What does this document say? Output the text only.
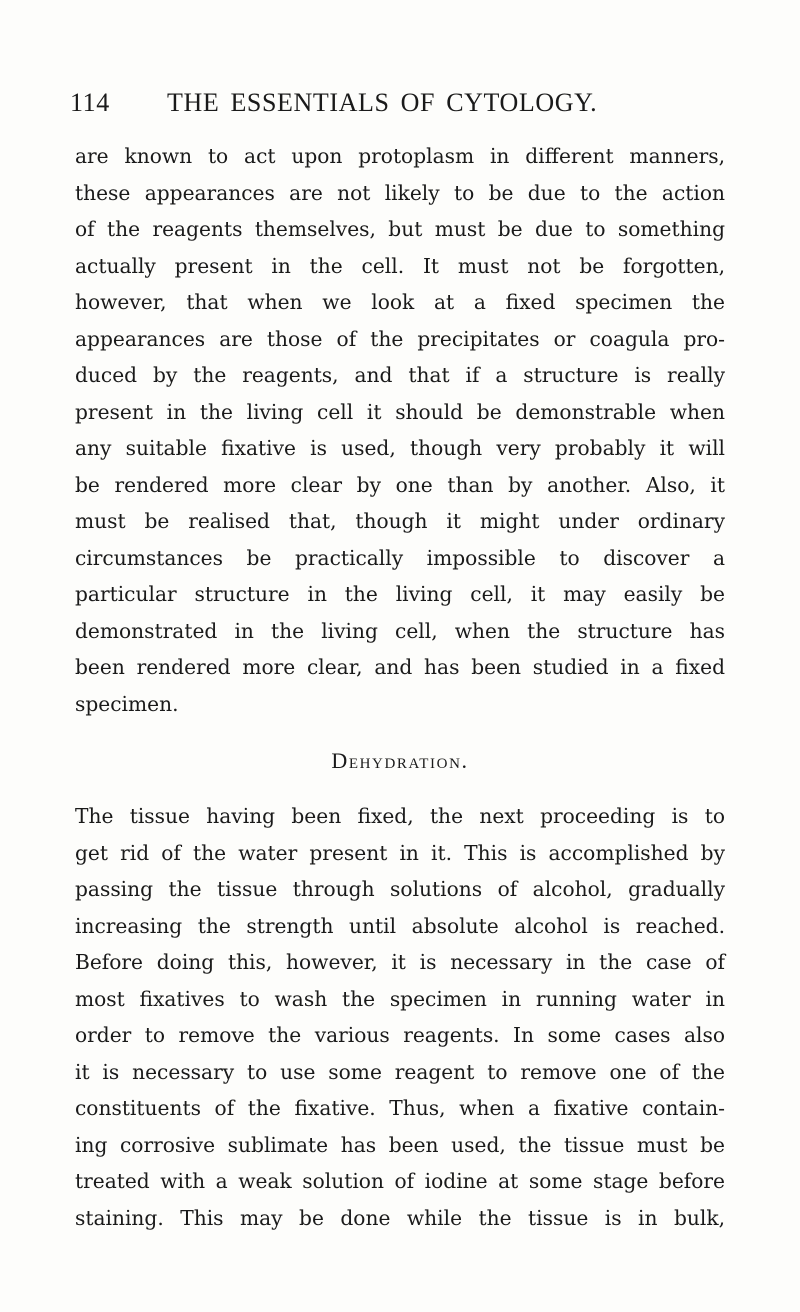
114 THE ESSENTIALS OF CYTOLOGY.
are known to act upon protoplasm in different manners,
these appearances are not likely to be due to the action
of the reagents themselves, but must be due to something
actually present in the cell. It must not be forgotten,
however, that when we look at a fixed specimen the
appearances are those of the precipitates or coagula pro-
duced by the reagents, and that if a structure is really
present in the living cell it should be demonstrable when
any suitable fixative is used, though very probably it will
be rendered more clear by one than by another. Also, it
must be realised that, though it might under ordinary
circumstances be practically impossible to discover a
particular structure in the living cell, it may easily be
demonstrated in the living cell, when the structure has
been rendered more clear, and has been studied in a fixed
specimen.
Dehydration.
The tissue having been fixed, the next proceeding is to
get rid of the water present in it. This is accomplished by
passing the tissue through solutions of alcohol, gradually
increasing the strength until absolute alcohol is reached.
Before doing this, however, it is necessary in the case of
most fixatives to wash the specimen in running water in
order to remove the various reagents. In some cases also
it is necessary to use some reagent to remove one of the
constituents of the fixative. Thus, when a fixative contain-
ing corrosive sublimate has been used, the tissue must be
treated with a weak solution of iodine at some stage before
staining. This may be done while the tissue is in bulk,
